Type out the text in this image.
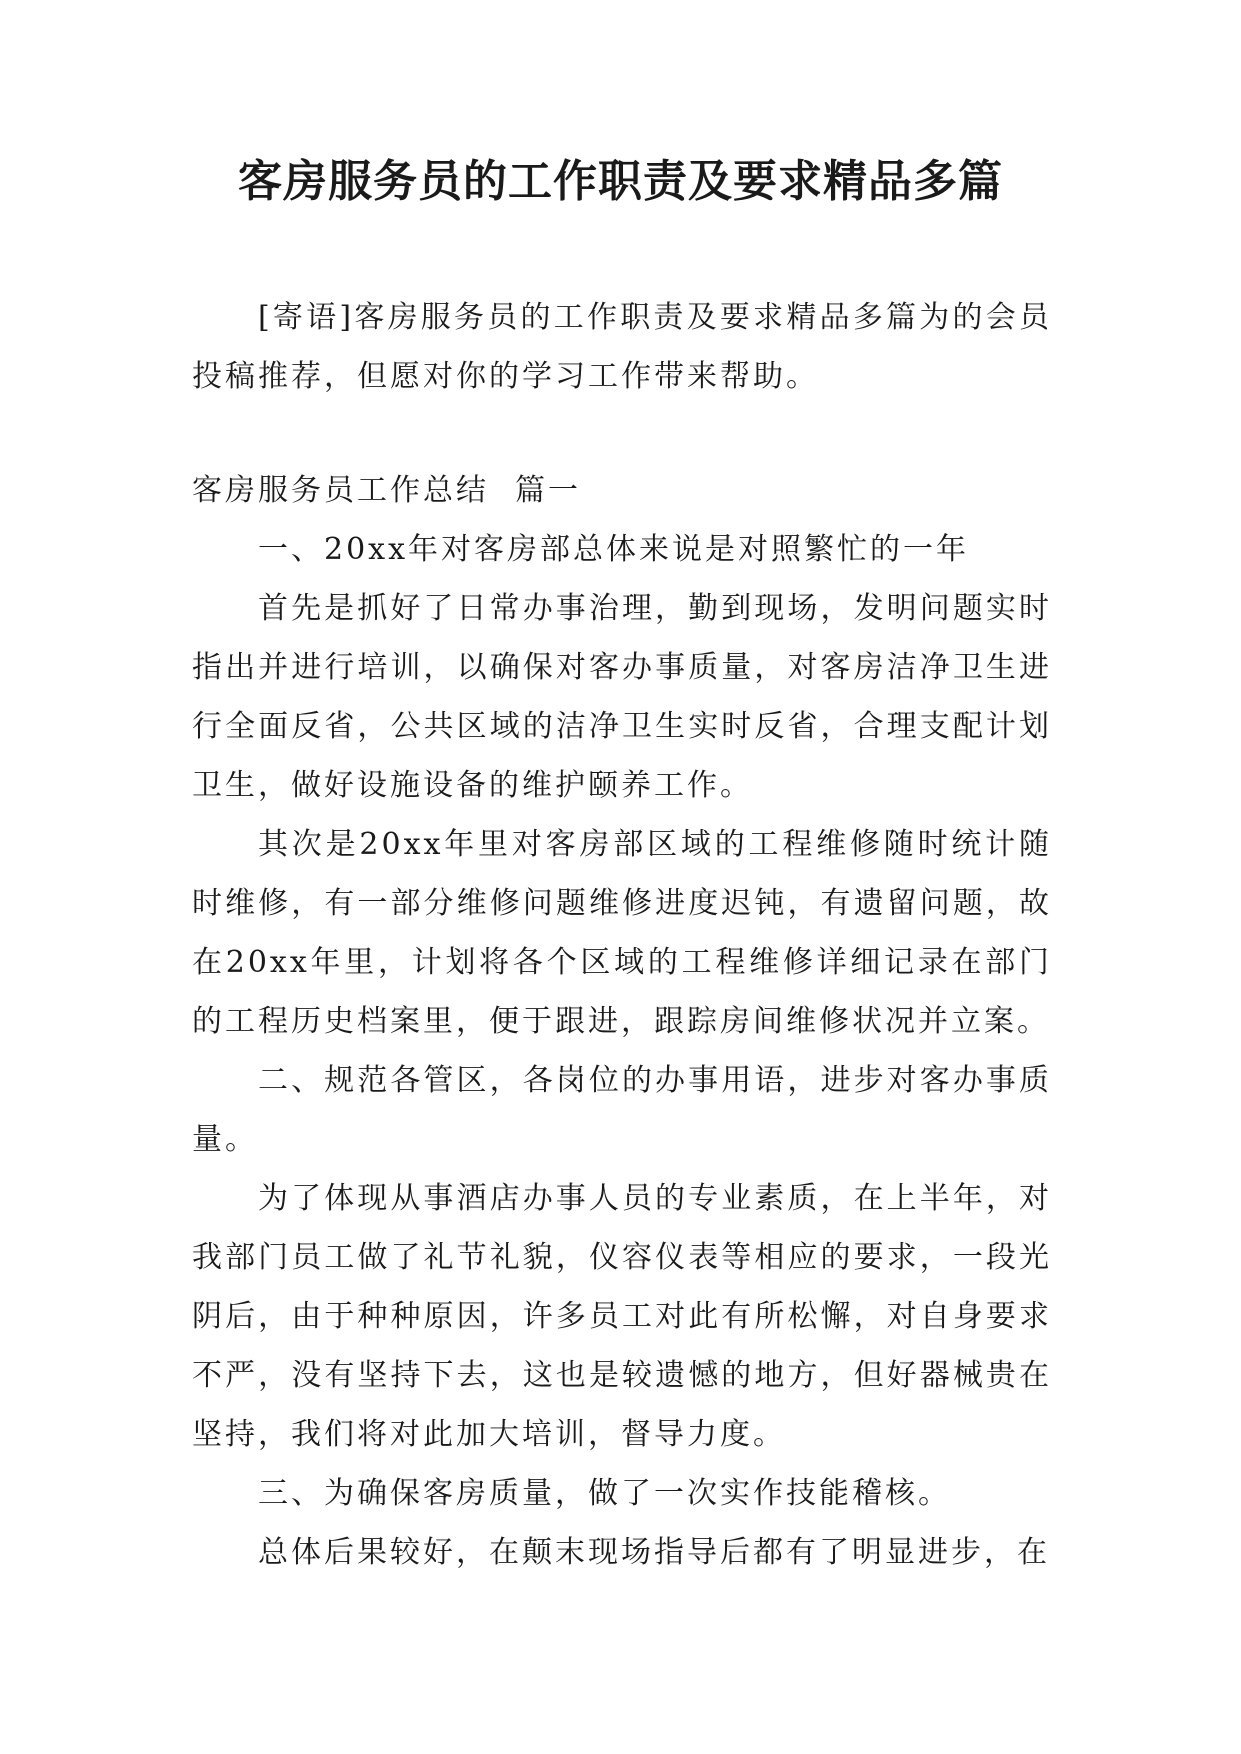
客房服务员的工作职责及要求精品多篇

[寄语]客房服务员的工作职责及要求精品多篇为的会员投稿推荐，但愿对你的学习工作带来帮助。

客房服务员工作总结 篇一

一、20xx年对客房部总体来说是对照繁忙的一年

首先是抓好了日常办事治理，勤到现场，发明问题实时指出并进行培训，以确保对客办事质量，对客房洁净卫生进行全面反省，公共区域的洁净卫生实时反省，合理支配计划卫生，做好设施设备的维护颐养工作。

其次是20xx年里对客房部区域的工程维修随时统计随时维修，有一部分维修问题维修进度迟钝，有遗留问题，故在20xx年里，计划将各个区域的工程维修详细记录在部门的工程历史档案里，便于跟进，跟踪房间维修状况并立案。

二、规范各管区，各岗位的办事用语，进步对客办事质量。

为了体现从事酒店办事人员的专业素质，在上半年，对我部门员工做了礼节礼貌，仪容仪表等相应的要求，一段光阴后，由于种种原因，许多员工对此有所松懈，对自身要求不严，没有坚持下去，这也是较遗憾的地方，但好器械贵在坚持，我们将对此加大培训，督导力度。

三、为确保客房质量，做了一次实作技能稽核。

总体后果较好，在颠末现场指导后都有了明显进步，在
